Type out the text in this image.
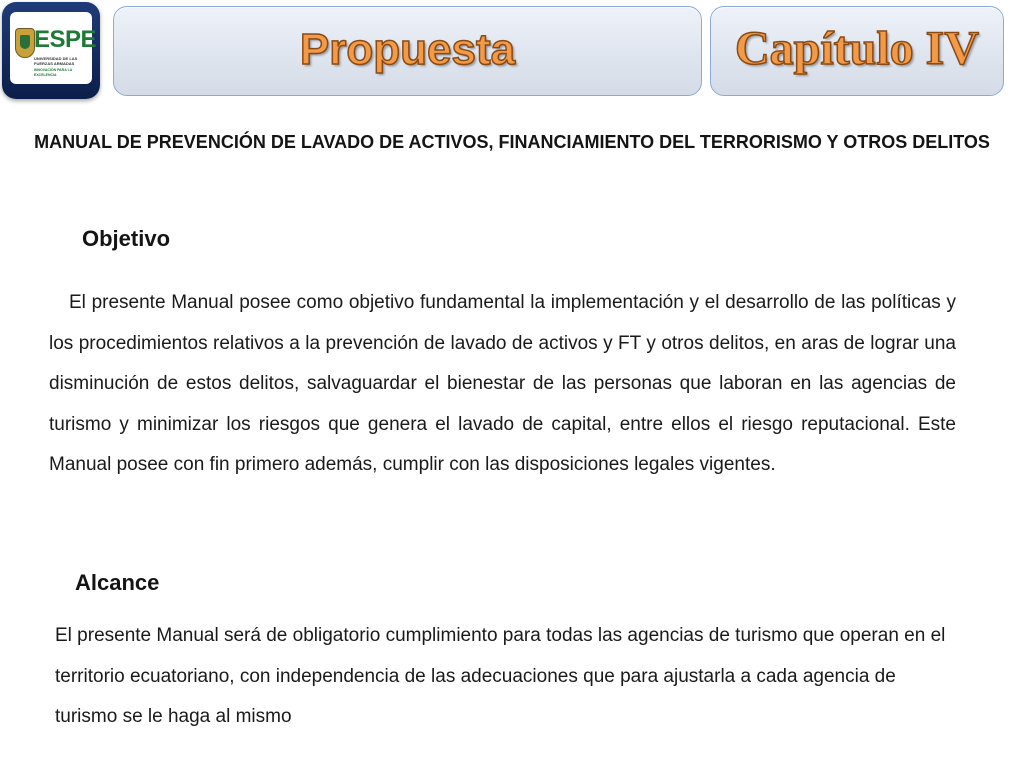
ESPE
UNIVERSIDAD DE LAS FUERZAS ARMADAS
INNOVACIÓN PARA LA EXCELENCIA
Propuesta	Capítulo IV
MANUAL DE PREVENCIÓN DE LAVADO DE ACTIVOS, FINANCIAMIENTO DEL TERRORISMO Y OTROS DELITOS
Objetivo
El presente Manual posee como objetivo fundamental la implementación y el desarrollo de las políticas y los procedimientos relativos a la prevención de lavado de activos y FT y otros delitos, en aras de lograr una disminución de estos delitos, salvaguardar el bienestar de las personas que laboran en las agencias de turismo y minimizar los riesgos que genera el lavado de capital, entre ellos el riesgo reputacional. Este Manual posee con fin primero además, cumplir con las disposiciones legales vigentes.
Alcance
El presente Manual será de obligatorio cumplimiento para todas las agencias de turismo que operan en el territorio ecuatoriano, con independencia de las adecuaciones que para ajustarla a cada agencia de turismo se le haga al mismo
